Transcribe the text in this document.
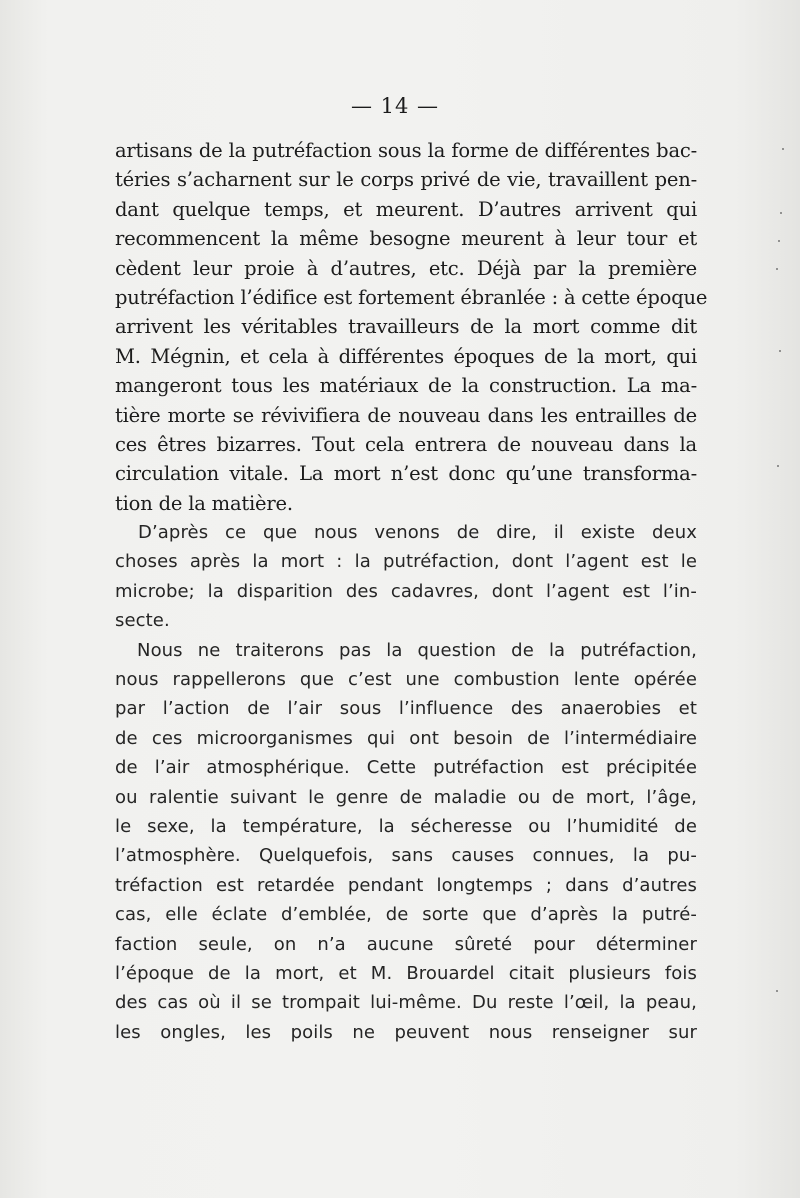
— 14 —
artisans de la putréfaction sous la forme de différentes bac-
téries s’acharnent sur le corps privé de vie, travaillent pen-
dant quelque temps, et meurent. D’autres arrivent qui
recommencent la même besogne meurent à leur tour et
cèdent leur proie à d’autres, etc. Déjà par la première
putréfaction l’édifice est fortement ébranlée : à cette époque
arrivent les véritables travailleurs de la mort comme dit
M. Mégnin, et cela à différentes époques de la mort, qui
mangeront tous les matériaux de la construction. La ma-
tière morte se révivifiera de nouveau dans les entrailles de
ces êtres bizarres. Tout cela entrera de nouveau dans la
circulation vitale. La mort n’est donc qu’une transforma-
tion de la matière.
D’après ce que nous venons de dire, il existe deux
choses après la mort : la putréfaction, dont l’agent est le
microbe; la disparition des cadavres, dont l’agent est l’in-
secte.
Nous ne traiterons pas la question de la putréfaction,
nous rappellerons que c’est une combustion lente opérée
par l’action de l’air sous l’influence des anaerobies et
de ces microorganismes qui ont besoin de l’intermédiaire
de l’air atmosphérique. Cette putréfaction est précipitée
ou ralentie suivant le genre de maladie ou de mort, l’âge,
le sexe, la température, la sécheresse ou l’humidité de
l’atmosphère. Quelquefois, sans causes connues, la pu-
tréfaction est retardée pendant longtemps ; dans d’autres
cas, elle éclate d’emblée, de sorte que d’après la putré-
faction seule, on n’a aucune sûreté pour déterminer
l’époque de la mort, et M. Brouardel citait plusieurs fois
des cas où il se trompait lui-même. Du reste l’œil, la peau,
les ongles, les poils ne peuvent nous renseigner sur
